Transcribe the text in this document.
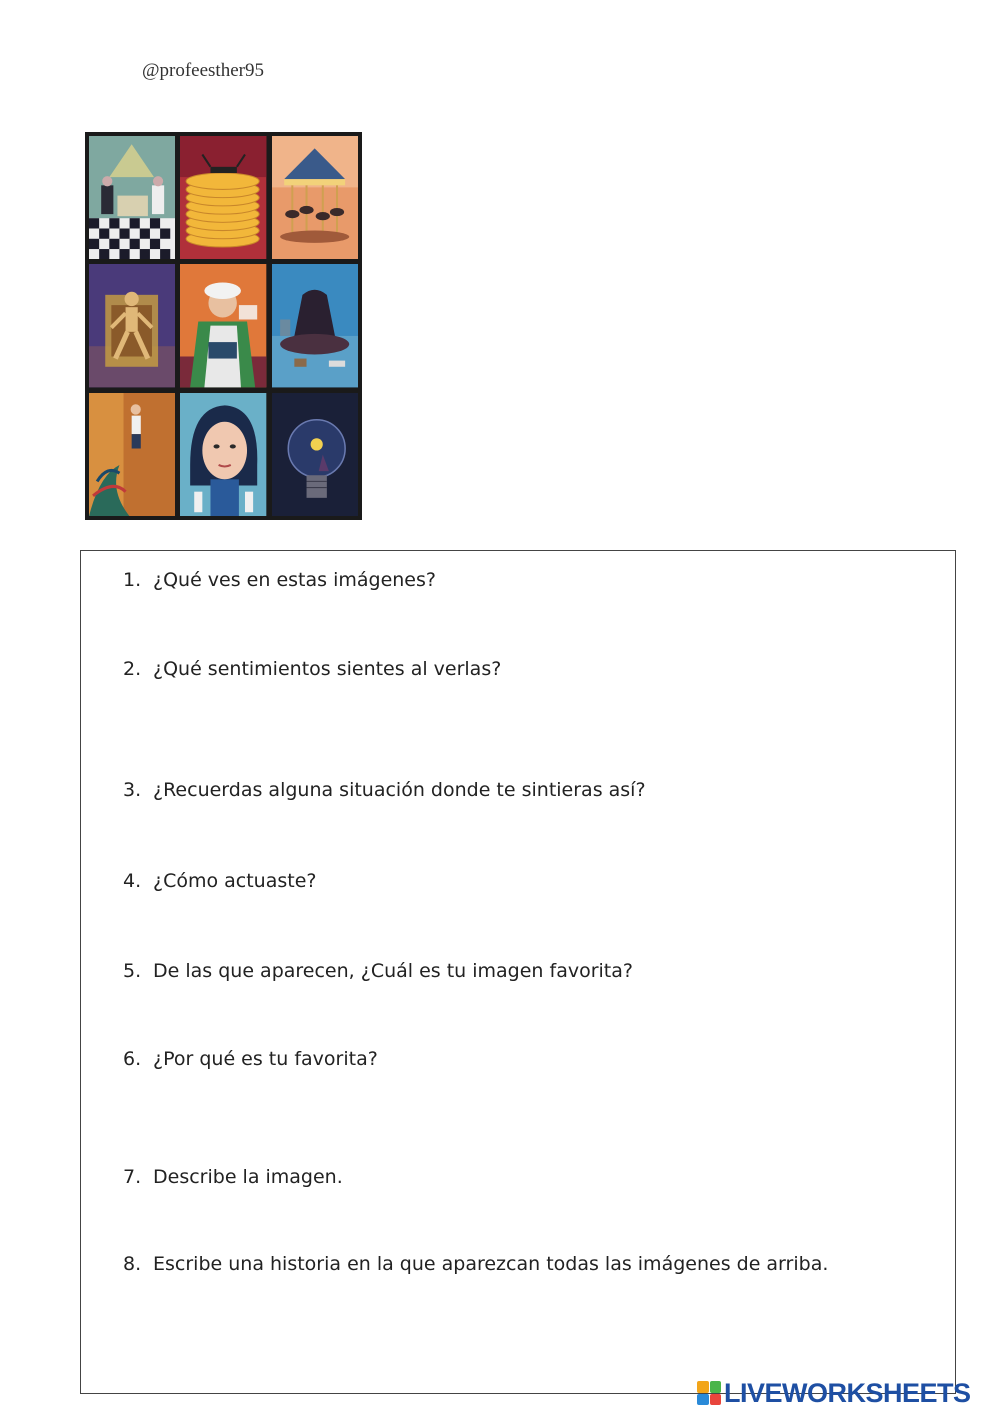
@profeesther95
1. ¿Qué ves en estas imágenes?
2. ¿Qué sentimientos sientes al verlas?
3. ¿Recuerdas alguna situación donde te sintieras así?
4. ¿Cómo actuaste?
5. De las que aparecen, ¿Cuál es tu imagen favorita?
6. ¿Por qué es tu favorita?
7. Describe la imagen.
8. Escribe una historia en la que aparezcan todas las imágenes de arriba.
LIVEWORKSHEETS
